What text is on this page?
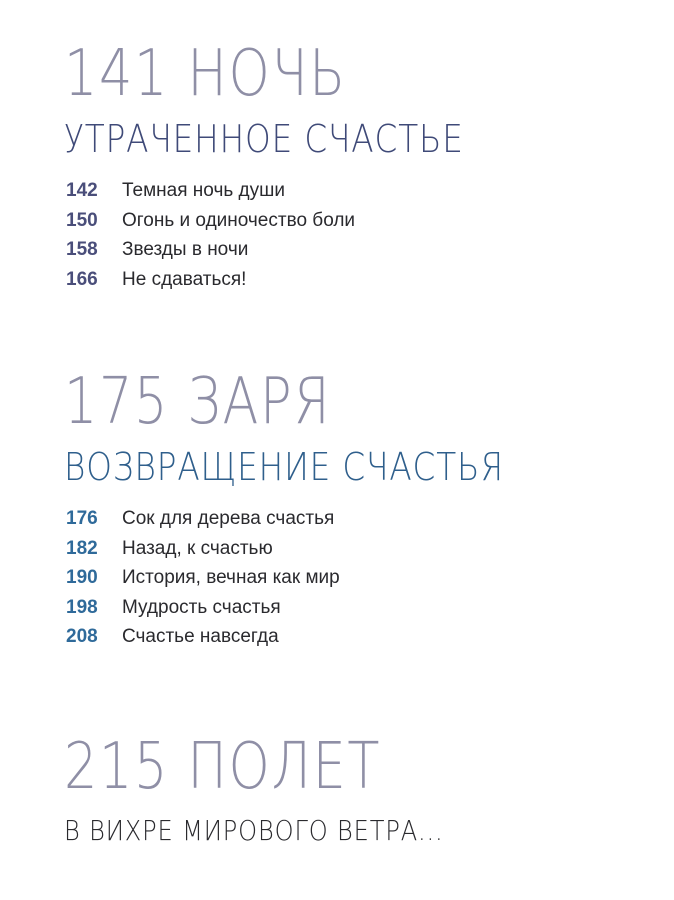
141 НОЧЬ
УТРАЧЕННОЕ СЧАСТЬЕ
142	Темная ночь души
150	Огонь и одиночество боли
158	Звезды в ночи
166	Не сдаваться!
175 ЗАРЯ
ВОЗВРАЩЕНИЕ СЧАСТЬЯ
176	Сок для дерева счастья
182	Назад, к счастью
190	История, вечная как мир
198	Мудрость счастья
208	Счастье навсегда
215 ПОЛЕТ
В ВИХРЕ МИРОВОГО ВЕТРА...
